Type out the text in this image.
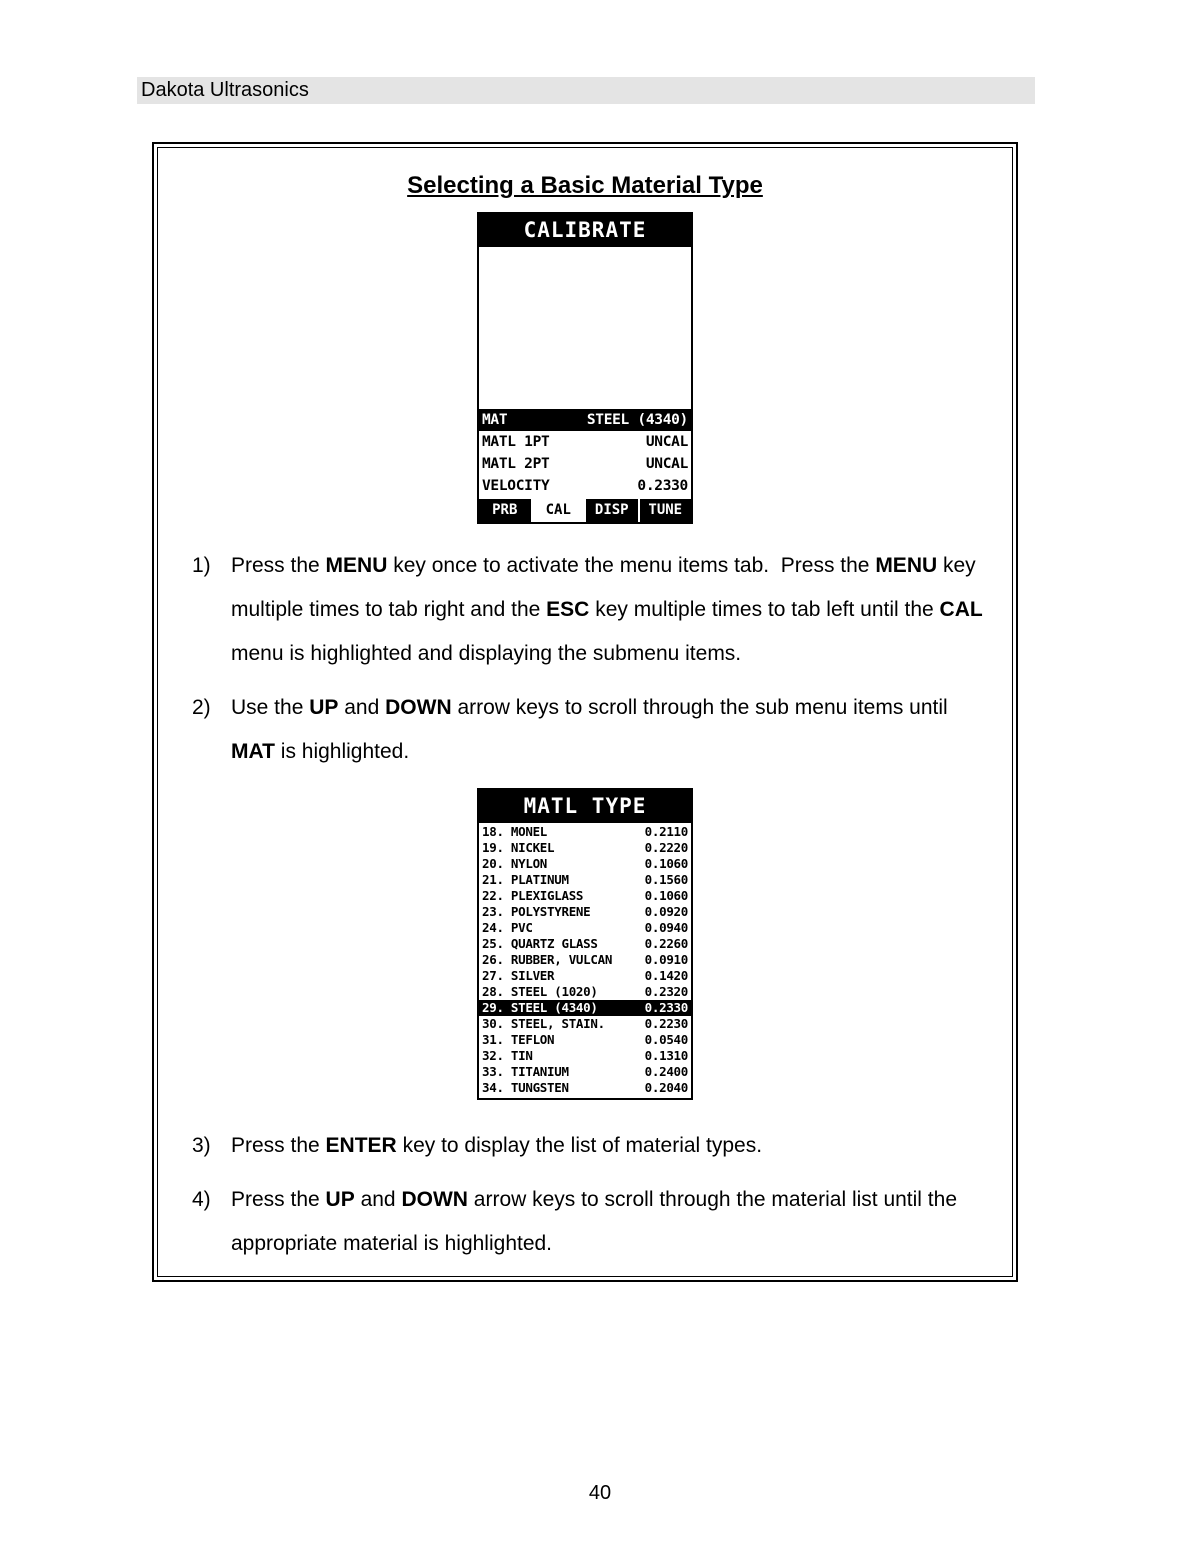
Dakota Ultrasonics
Selecting a Basic Material Type
CALIBRATE
MAT	STEEL (4340)
MATL 1PT	UNCAL
MATL 2PT	UNCAL
VELOCITY	0.2330
PRB	CAL	DISP	TUNE
1) Press the MENU key once to activate the menu items tab.  Press the MENU key multiple times to tab right and the ESC key multiple times to tab left until the CAL menu is highlighted and displaying the submenu items.
2) Use the UP and DOWN arrow keys to scroll through the sub menu items until MAT is highlighted.
MATL TYPE
18. MONEL	0.2110
19. NICKEL	0.2220
20. NYLON	0.1060
21. PLATINUM	0.1560
22. PLEXIGLASS	0.1060
23. POLYSTYRENE	0.0920
24. PVC	0.0940
25. QUARTZ GLASS	0.2260
26. RUBBER, VULCAN	0.0910
27. SILVER	0.1420
28. STEEL (1020)	0.2320
29. STEEL (4340)	0.2330
30. STEEL, STAIN.	0.2230
31. TEFLON	0.0540
32. TIN	0.1310
33. TITANIUM	0.2400
34. TUNGSTEN	0.2040
3) Press the ENTER key to display the list of material types.
4) Press the UP and DOWN arrow keys to scroll through the material list until the appropriate material is highlighted.
40
